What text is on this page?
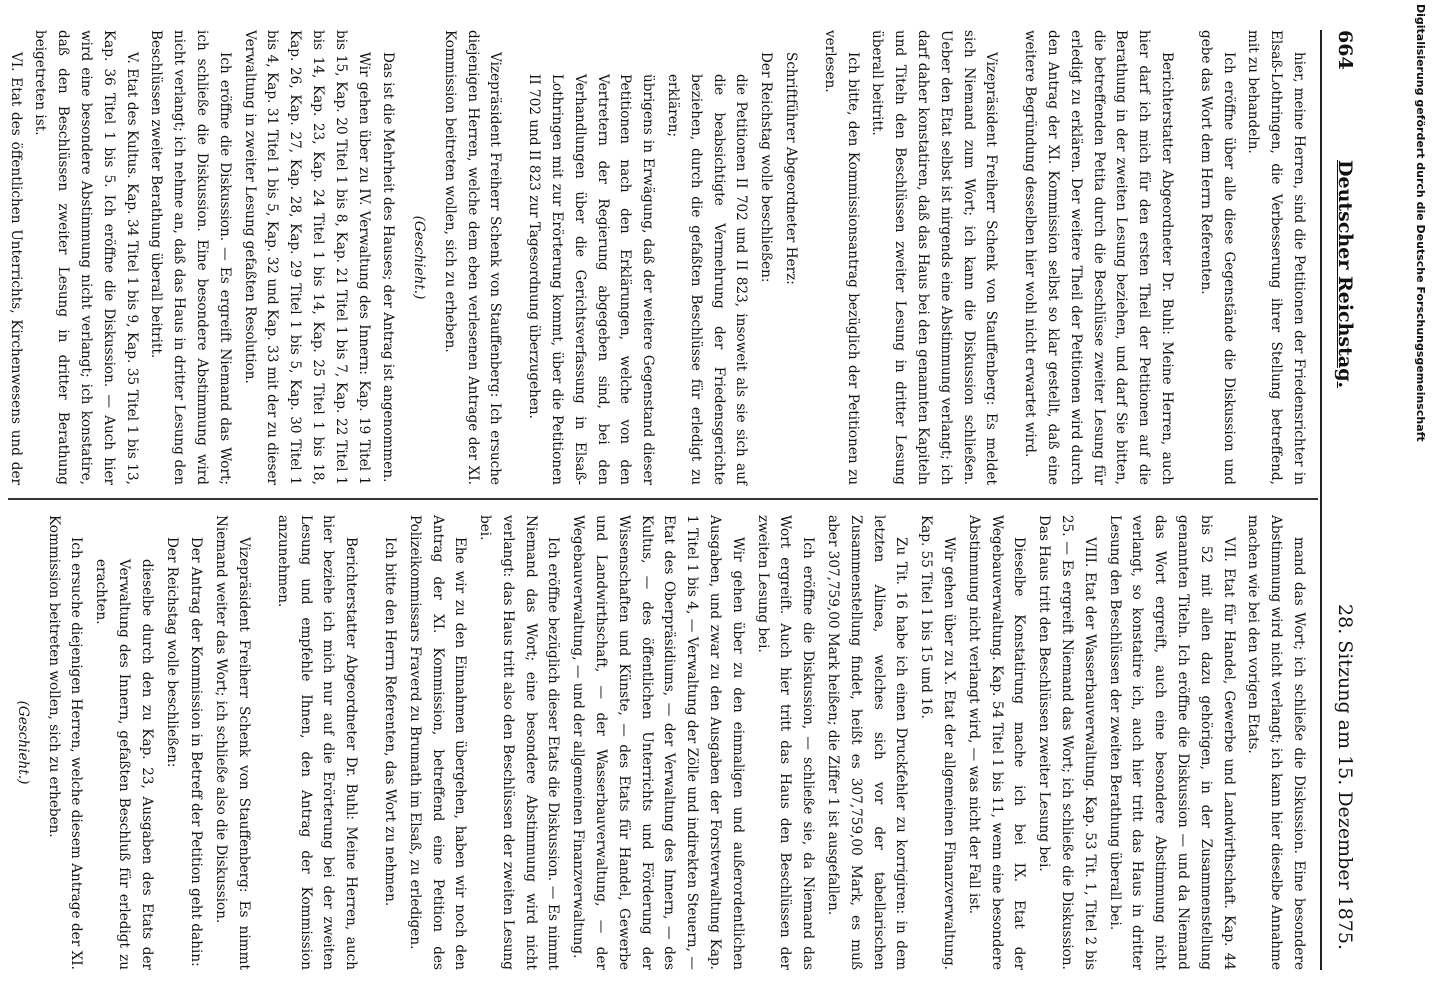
664
Deutscher Reichstag.
28. Sitzung am 15. Dezember 1875.

hier, meine Herren, sind die Petitionen der Friedensrichter in Elsaß-Lothringen, die Verbesserung ihrer Stellung betreffend, mit zu behandeln.

Ich eröffne über alle diese Gegenstände die Diskussion und gebe das Wort dem Herrn Referenten.

Berichterstatter Abgeordneter Dr. Buhl: Meine Herren, auch hier darf ich mich für den ersten Theil der Petitionen auf die Berathung in der zweiten Lesung beziehen, und darf Sie bitten, die betreffenden Petita durch die Beschlüsse zweiter Lesung für erledigt zu erklären. Der weitere Theil der Petitionen wird durch den Antrag der XI. Kommission selbst so klar gestellt, daß eine weitere Begründung desselben hier wohl nicht erwartet wird.

Vizepräsident Freiherr Schenk von Stauffenberg: Es meldet sich Niemand zum Wort; ich kann die Diskussion schließen. Ueber den Etat selbst ist nirgends eine Abstimmung verlangt; ich darf daher konstatiren, daß das Haus bei den genannten Kapiteln und Titeln den Beschlüssen zweiter Lesung in dritter Lesung überall beitritt.

Ich bitte, den Kommissionsantrag bezüglich der Petitionen zu verlesen.

Schriftführer Abgeordneter Herz:

Der Reichstag wolle beschließen:

die Petitionen II 702 und II 823, insoweit als sie sich auf die beabsichtigte Vermehrung der Friedensgerichte beziehen, durch die gefaßten Beschlüsse für erledigt zu erklären;

übrigens in Erwägung, daß der weitere Gegenstand dieser Petitionen nach den Erklärungen, welche von den Vertretern der Regierung abgegeben sind, bei den Verhandlungen über die Gerichtsverfassung in Elsaß-Lothringen mit zur Erörterung kommt, über die Petitionen II 702 und II 823 zur Tagesordnung überzugehen.

Vizepräsident Freiherr Schenk von Stauffenberg: Ich ersuche diejenigen Herren, welche dem eben verlesenen Antrage der XI. Kommission beitreten wollen, sich zu erheben.

(Geschieht.)

Das ist die Mehrheit des Hauses; der Antrag ist angenommen.

Wir gehen über zu IV. Verwaltung des Innern: Kap. 19 Titel 1 bis 15, Kap. 20 Titel 1 bis 8, Kap. 21 Titel 1 bis 7, Kap. 22 Titel 1 bis 14, Kap. 23, Kap. 24 Titel 1 bis 14, Kap. 25 Titel 1 bis 18, Kap. 26, Kap. 27, Kap. 28, Kap. 29 Titel 1 bis 5, Kap. 30 Titel 1 bis 4, Kap. 31 Titel 1 bis 5, Kap. 32 und Kap. 33 mit der zu dieser Verwaltung in zweiter Lesung gefaßten Resolution.

Ich eröffne die Diskussion. — Es ergreift Niemand das Wort; ich schließe die Diskussion. Eine besondere Abstimmung wird nicht verlangt; ich nehme an, daß das Haus in dritter Lesung den Beschlüssen zweiter Berathung überall beitritt.

V. Etat des Kultus. Kap. 34 Titel 1 bis 9, Kap. 35 Titel 1 bis 13, Kap. 36 Titel 1 bis 5. Ich eröffne die Diskussion. — Auch hier wird eine besondere Abstimmung nicht verlangt; ich konstatire, daß den Beschlüssen zweiter Lesung in dritter Berathung beigetreten ist.

VI. Etat des öffentlichen Unterrichts, Kirchenwesens und der

mand das Wort; ich schließe die Diskussion. Eine besondere Abstimmung wird nicht verlangt; ich kann hier dieselbe Annahme machen wie bei den vorigen Etats.

VII. Etat für Handel, Gewerbe und Landwirthschaft. Kap. 44 bis 52 mit allen dazu gehörigen, in der Zusammenstellung genannten Titeln. Ich eröffne die Diskussion — und da Niemand das Wort ergreift, auch eine besondere Abstimmung nicht verlangt, so konstatire ich, auch hier tritt das Haus in dritter Lesung den Beschlüssen der zweiten Berathung überall bei.

VIII. Etat der Wasserbauverwaltung. Kap. 53 Tit. 1, Titel 2 bis 25. — Es ergreift Niemand das Wort; ich schließe die Diskussion. Das Haus tritt den Beschlüssen zweiter Lesung bei.

Dieselbe Konstatirung mache ich bei IX. Etat der Wegebauverwaltung. Kap. 54 Titel 1 bis 11, wenn eine besondere Abstimmung nicht verlangt wird, — was nicht der Fall ist.

Wir gehen über zu X. Etat der allgemeinen Finanzverwaltung. Kap. 55 Titel 1 bis 15 und 16.

Zu Tit. 16 habe ich einen Druckfehler zu korrigiren: in dem letzten Alinea, welches sich vor der tabellarischen Zusammenstellung findet, heißt es 307,759,00 Mark, es muß aber 307,759,00 Mark heißen; die Ziffer 1 ist ausgefallen.

Ich eröffne die Diskussion, — schließe sie, da Niemand das Wort ergreift. Auch hier tritt das Haus den Beschlüssen der zweiten Lesung bei.

Wir gehen über zu den einmaligen und außerordentlichen Ausgaben, und zwar zu den Ausgaben der Forstverwaltung Kap. 1 Titel 1 bis 4, — Verwaltung der Zölle und indirekten Steuern, — Etat des Oberpräsidiums, — der Verwaltung des Innern, — des Kultus, — des öffentlichen Unterrichts und Förderung der Wissenschaften und Künste, — des Etats für Handel, Gewerbe und Landwirthschaft, — der Wasserbauverwaltung, — der Wegebauverwaltung, — und der allgemeinen Finanzverwaltung.

Ich eröffne bezüglich dieser Etats die Diskussion. — Es nimmt Niemand das Wort; eine besondere Abstimmung wird nicht verlangt: das Haus tritt also den Beschlüssen der zweiten Lesung bei.

Ehe wir zu den Einnahmen übergehen, haben wir noch den Antrag der XI. Kommission, betreffend eine Petition des Polizeikommissars Fraverd zu Brumath im Elsaß, zu erledigen.

Ich bitte den Herrn Referenten, das Wort zu nehmen.

Berichterstatter Abgeordneter Dr. Buhl: Meine Herren, auch hier beziehe ich mich nur auf die Erörterung bei der zweiten Lesung und empfehle Ihnen, den Antrag der Kommission anzunehmen.

Vizepräsident Freiherr Schenk von Stauffenberg: Es nimmt Niemand weiter das Wort; ich schließe also die Diskussion.

Der Antrag der Kommission in Betreff der Petition geht dahin:

Der Reichstag wolle beschließen:

dieselbe durch den zu Kap. 23, Ausgaben des Etats der Verwaltung des Innern, gefaßten Beschluß für erledigt zu erachten.

Ich ersuche diejenigen Herren, welche diesem Antrage der XI. Kommission beitreten wollen, sich zu erheben.

(Geschieht.)

Digitalisierung gefördert durch die Deutsche Forschungsgemeinschaft
